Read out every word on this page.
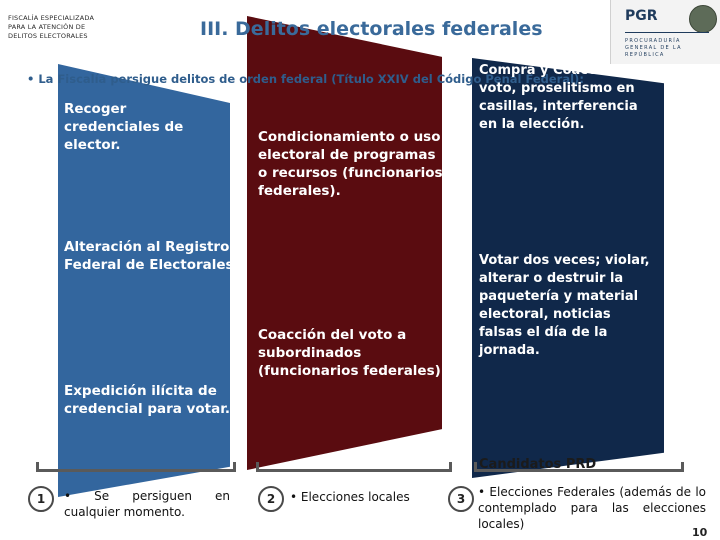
FISCALÍA ESPECIALIZADA PARA LA ATENCIÓN DE DELITOS ELECTORALES	III. Delitos electorales federales
PGR
PROCURADURÍA GENERAL DE LA REPÚBLICA
• La Fiscalía persigue delitos de orden federal (Título XXIV del Código Penal Federal):
Recoger credenciales de elector.
Alteración al Registro Federal de Electorales.
Expedición ilícita de credencial para votar.
Condicionamiento o uso electoral de programas o recursos (funcionarios federales).
Coacción del voto a subordinados (funcionarios federales).
Compra y Coacción del voto, proselitismo en casillas, interferencia en la elección.
Votar dos veces; violar, alterar o destruir la paquetería y material electoral, noticias falsas el día de la jornada.
Candidatos PRD
1	• Se persiguen en cualquier momento.
2	• Elecciones locales	3	• Elecciones Federales (además de lo contemplado para las elecciones locales)
10
